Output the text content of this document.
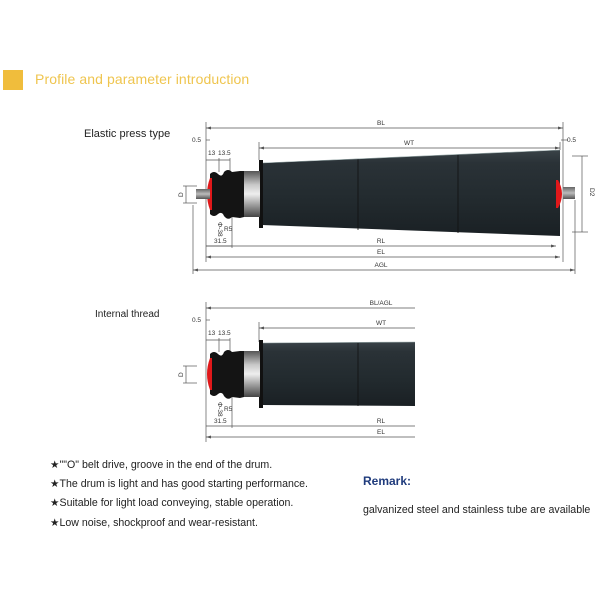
Profile and parameter introduction
Elastic press type
Internal thread
BL
WT
RL
EL
AGL
0.5	0.5
13 13.5
31.5
R5
D	D2
Φ-38
BL/AGL
WT
RL
EL
0.5
13 13.5
31.5
R5
D
Φ-38
★""O" belt drive, groove in the end of the drum.
★The drum is light and has good starting performance.
★Suitable for light load conveying, stable operation.
★Low noise, shockproof and wear-resistant.
Remark:
galvanized steel and stainless tube are available
